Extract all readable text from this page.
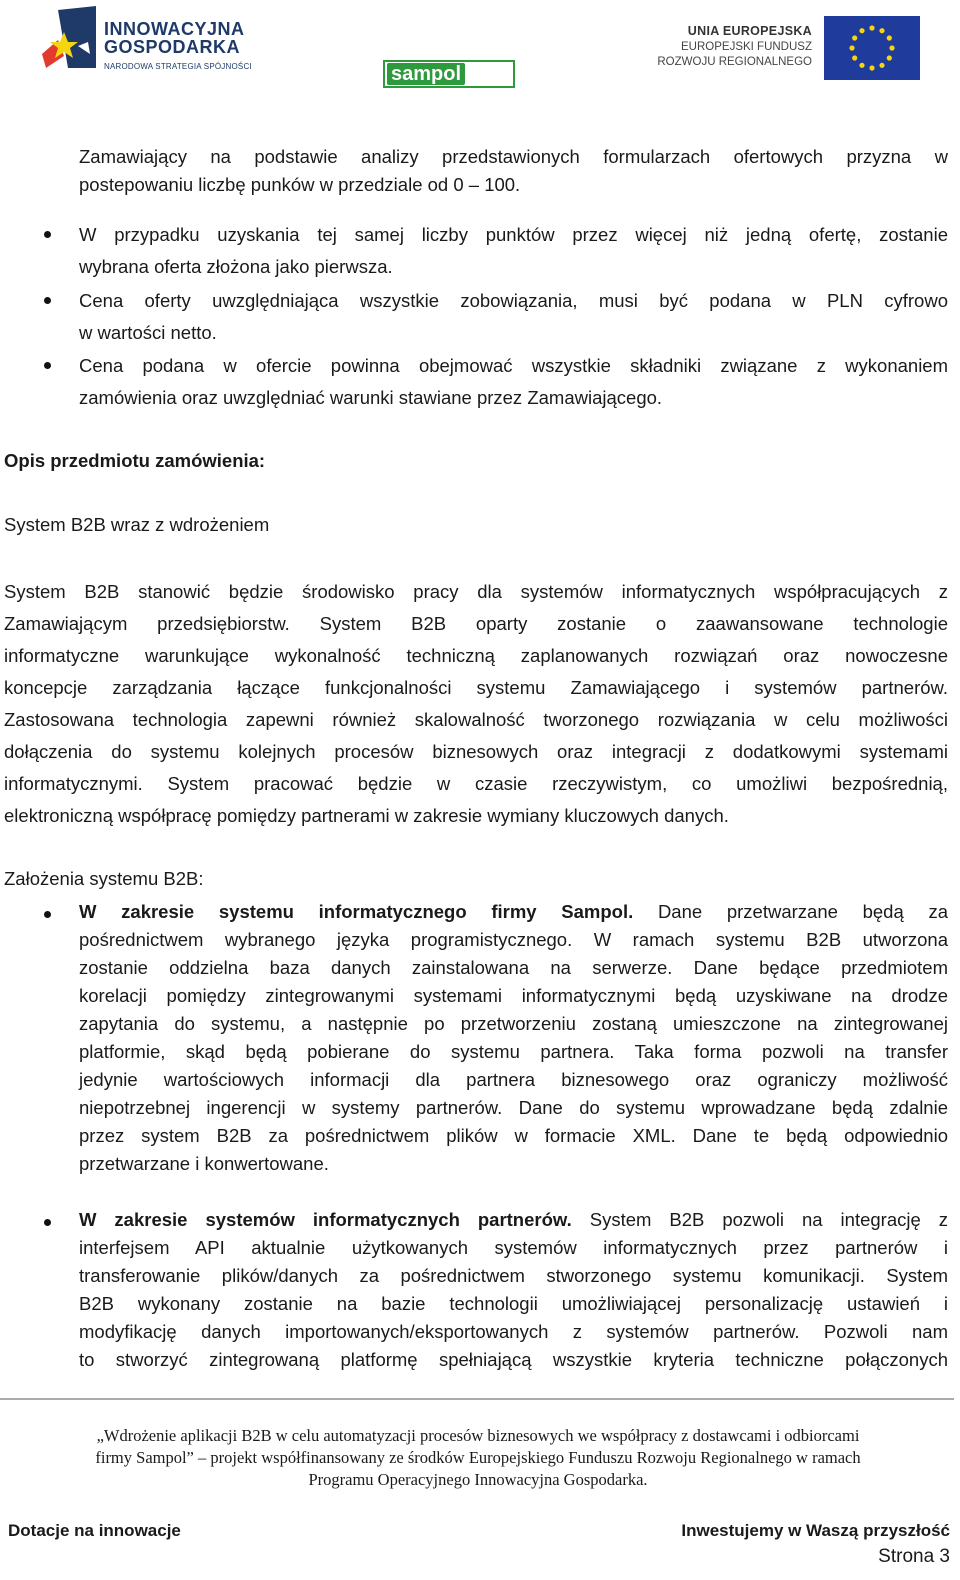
INNOWACYJNA
GOSPODARKA
NARODOWA STRATEGIA SPÓJNOŚCI	sampol
UNIA EUROPEJSKA
EUROPEJSKI FUNDUSZ
ROZWOJU REGIONALNEGO
Zamawiający na podstawie analizy przedstawionych formularzach ofertowych przyzna w
postepowaniu liczbę punków w przedziale od 0 – 100.
W przypadku uzyskania tej samej liczby punktów przez więcej niż jedną ofertę, zostanie
wybrana oferta złożona jako pierwsza.
Cena oferty uwzględniająca wszystkie zobowiązania, musi być podana w PLN cyfrowo
w wartości netto.
Cena podana w ofercie powinna obejmować wszystkie składniki związane z wykonaniem
zamówienia oraz uwzględniać warunki stawiane przez Zamawiającego.
Opis przedmiotu zamówienia:
System B2B wraz z wdrożeniem
System B2B stanowić będzie środowisko pracy dla systemów informatycznych współpracujących z
Zamawiającym przedsiębiorstw. System B2B oparty zostanie o zaawansowane technologie
informatyczne warunkujące wykonalność techniczną zaplanowanych rozwiązań oraz nowoczesne
koncepcje zarządzania łączące funkcjonalności systemu Zamawiającego i systemów partnerów.
Zastosowana technologia zapewni również skalowalność tworzonego rozwiązania w celu możliwości
dołączenia do systemu kolejnych procesów biznesowych oraz integracji z dodatkowymi systemami
informatycznymi. System pracować będzie w czasie rzeczywistym, co umożliwi bezpośrednią,
elektroniczną współpracę pomiędzy partnerami w zakresie wymiany kluczowych danych.
Założenia systemu B2B:
W zakresie systemu informatycznego firmy Sampol. Dane przetwarzane będą za
pośrednictwem wybranego języka programistycznego. W ramach systemu B2B utworzona
zostanie oddzielna baza danych zainstalowana na serwerze. Dane będące przedmiotem
korelacji pomiędzy zintegrowanymi systemami informatycznymi będą uzyskiwane na drodze
zapytania do systemu, a następnie po przetworzeniu zostaną umieszczone na zintegrowanej
platformie, skąd będą pobierane do systemu partnera. Taka forma pozwoli na transfer
jedynie wartościowych informacji dla partnera biznesowego oraz ograniczy możliwość
niepotrzebnej ingerencji w systemy partnerów. Dane do systemu wprowadzane będą zdalnie
przez system B2B za pośrednictwem plików w formacie XML. Dane te będą odpowiednio
przetwarzane i konwertowane.
W zakresie systemów informatycznych partnerów. System B2B pozwoli na integrację z
interfejsem API aktualnie użytkowanych systemów informatycznych przez partnerów i
transferowanie plików/danych za pośrednictwem stworzonego systemu komunikacji. System
B2B wykonany zostanie na bazie technologii umożliwiającej personalizację ustawień i
modyfikację danych importowanych/eksportowanych z systemów partnerów. Pozwoli nam
to stworzyć zintegrowaną platformę spełniającą wszystkie kryteria techniczne połączonych
„Wdrożenie aplikacji B2B w celu automatyzacji procesów biznesowych we współpracy z dostawcami i odbiorcami
firmy Sampol” – projekt współfinansowany ze środków Europejskiego Funduszu Rozwoju Regionalnego w ramach
Programu Operacyjnego Innowacyjna Gospodarka.
Dotacje na innowacje	Inwestujemy w Waszą przyszłość
Strona 3
